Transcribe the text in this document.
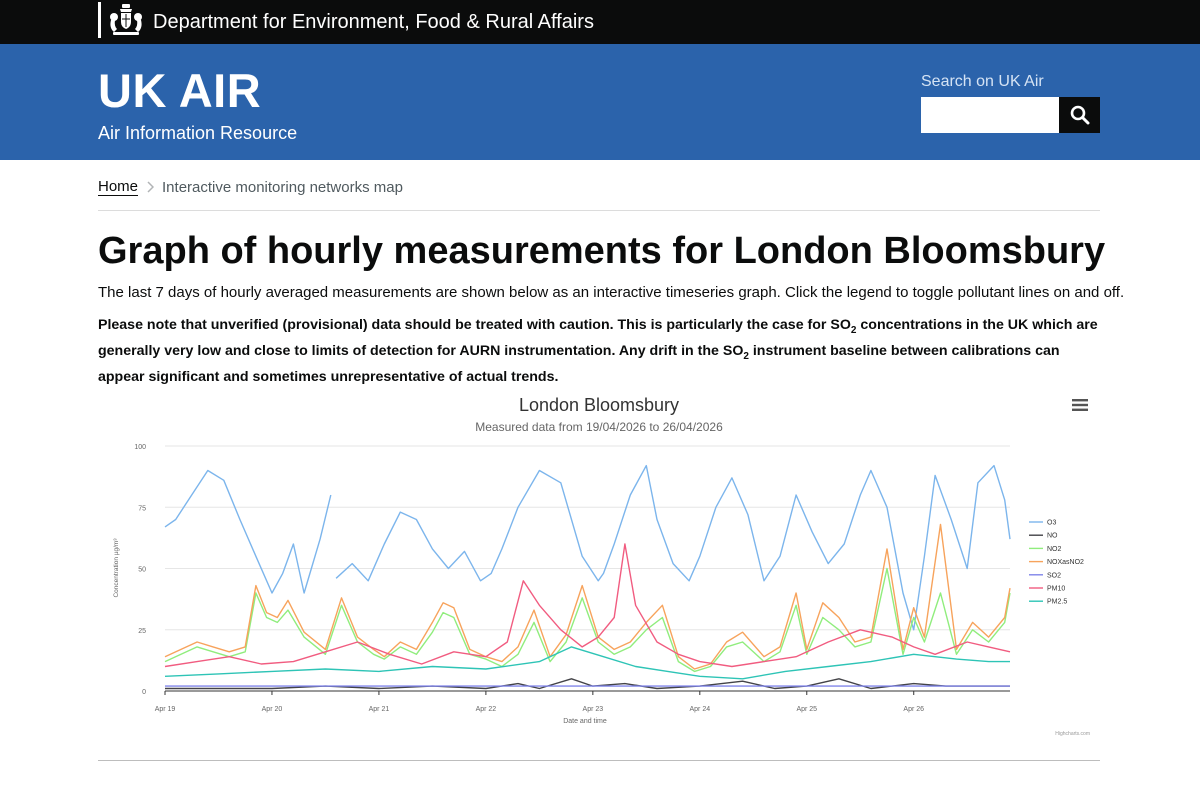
Department for Environment, Food & Rural Affairs
UK AIR
Air Information Resource
Search on UK Air
Home Interactive monitoring networks map
Graph of hourly measurements for London Bloomsbury
The last 7 days of hourly averaged measurements are shown below as an interactive timeseries graph. Click the legend to toggle pollutant lines on and off.
Please note that unverified (provisional) data should be treated with caution. This is particularly the case for $SO_2$ concentrations in the UK which are generally very low and close to limits of detection for AURN instrumentation. Any drift in the $SO_2$ instrument baseline between calibrations can appear significant and sometimes unrepresentative of actual trends.
London Bloomsbury
Measured data from 19/04/2026 to 26/04/2026
0
25
50
75
100
Apr 19	Apr 20	Apr 21	Apr 22	Apr 23	Apr 24	Apr 25	Apr 26
O3
NO
NO2
NOXasNO2
SO2
PM10
PM2.5
Concentration µg/m³
Date and time
Highcharts.com
